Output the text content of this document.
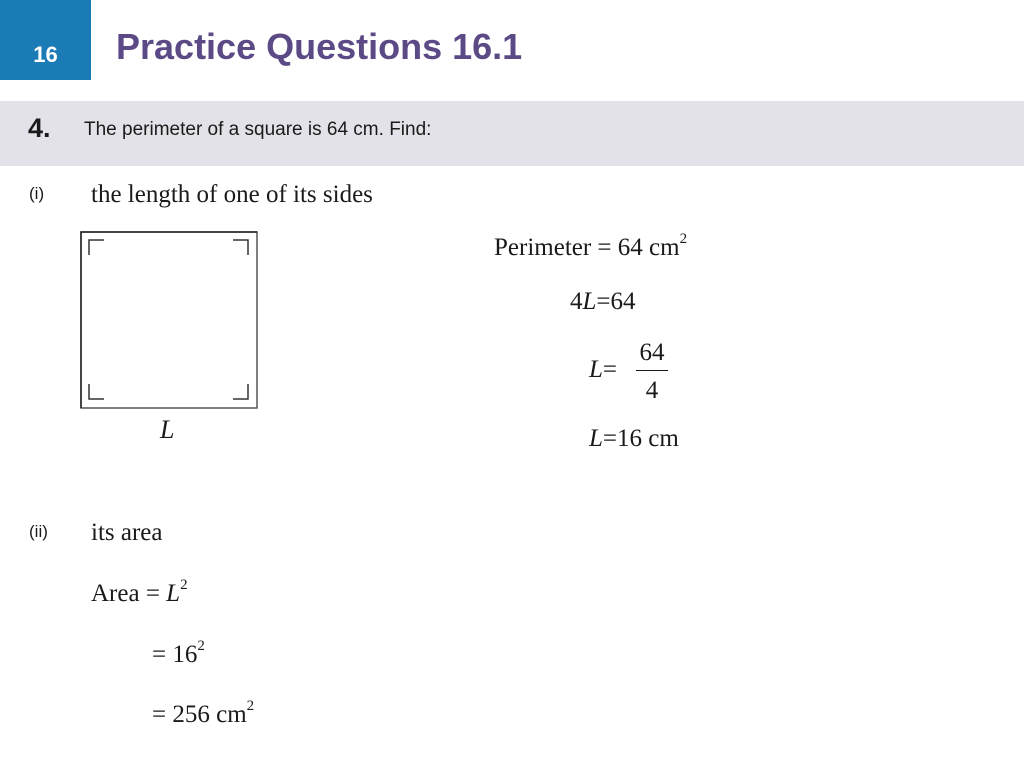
16 Practice Questions 16.1
4. The perimeter of a square is 64 cm. Find:
(i) the length of one of its sides
L
Perimeter = 64 $cm^2$
4L=64
L=
64
4
L=16 cm
(ii) its area
Area = $L^2$
= $16^2$
= 256 $cm^2$
